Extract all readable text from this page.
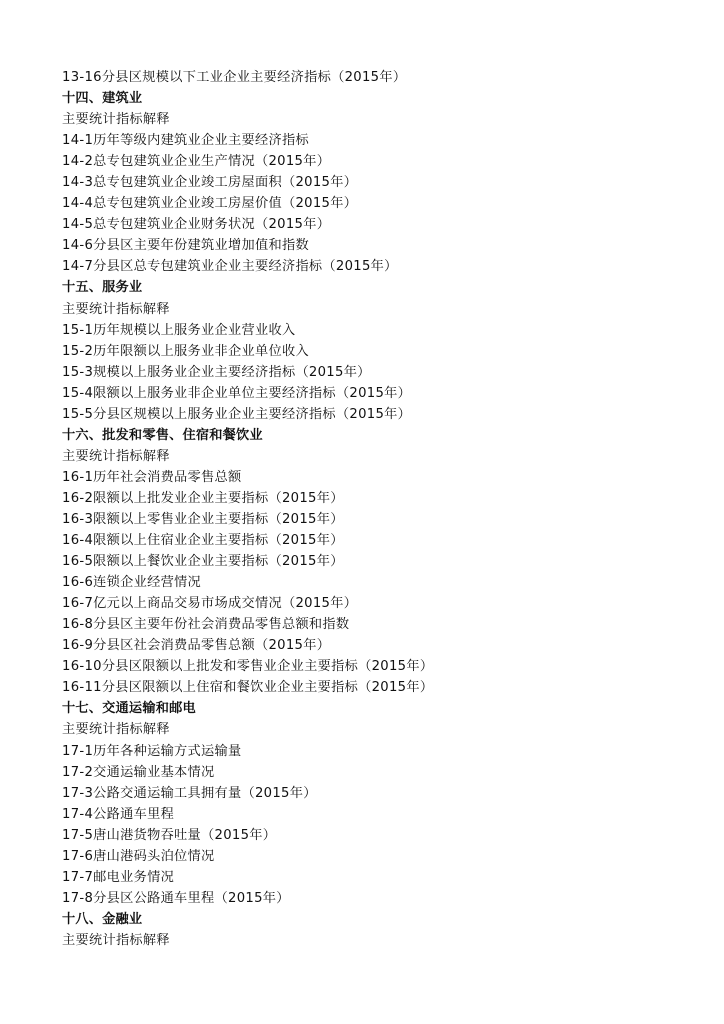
13-16分县区规模以下工业企业主要经济指标（2015年）
十四、建筑业
主要统计指标解释
14-1历年等级内建筑业企业主要经济指标
14-2总专包建筑业企业生产情况（2015年）
14-3总专包建筑业企业竣工房屋面积（2015年）
14-4总专包建筑业企业竣工房屋价值（2015年）
14-5总专包建筑业企业财务状况（2015年）
14-6分县区主要年份建筑业增加值和指数
14-7分县区总专包建筑业企业主要经济指标（2015年）
十五、服务业
主要统计指标解释
15-1历年规模以上服务业企业营业收入
15-2历年限额以上服务业非企业单位收入
15-3规模以上服务业企业主要经济指标（2015年）
15-4限额以上服务业非企业单位主要经济指标（2015年）
15-5分县区规模以上服务业企业主要经济指标（2015年）
十六、批发和零售、住宿和餐饮业
主要统计指标解释
16-1历年社会消费品零售总额
16-2限额以上批发业企业主要指标（2015年）
16-3限额以上零售业企业主要指标（2015年）
16-4限额以上住宿业企业主要指标（2015年）
16-5限额以上餐饮业企业主要指标（2015年）
16-6连锁企业经营情况
16-7亿元以上商品交易市场成交情况（2015年）
16-8分县区主要年份社会消费品零售总额和指数
16-9分县区社会消费品零售总额（2015年）
16-10分县区限额以上批发和零售业企业主要指标（2015年）
16-11分县区限额以上住宿和餐饮业企业主要指标（2015年）
十七、交通运输和邮电
主要统计指标解释
17-1历年各种运输方式运输量
17-2交通运输业基本情况
17-3公路交通运输工具拥有量（2015年）
17-4公路通车里程
17-5唐山港货物吞吐量（2015年）
17-6唐山港码头泊位情况
17-7邮电业务情况
17-8分县区公路通车里程（2015年）
十八、金融业
主要统计指标解释
